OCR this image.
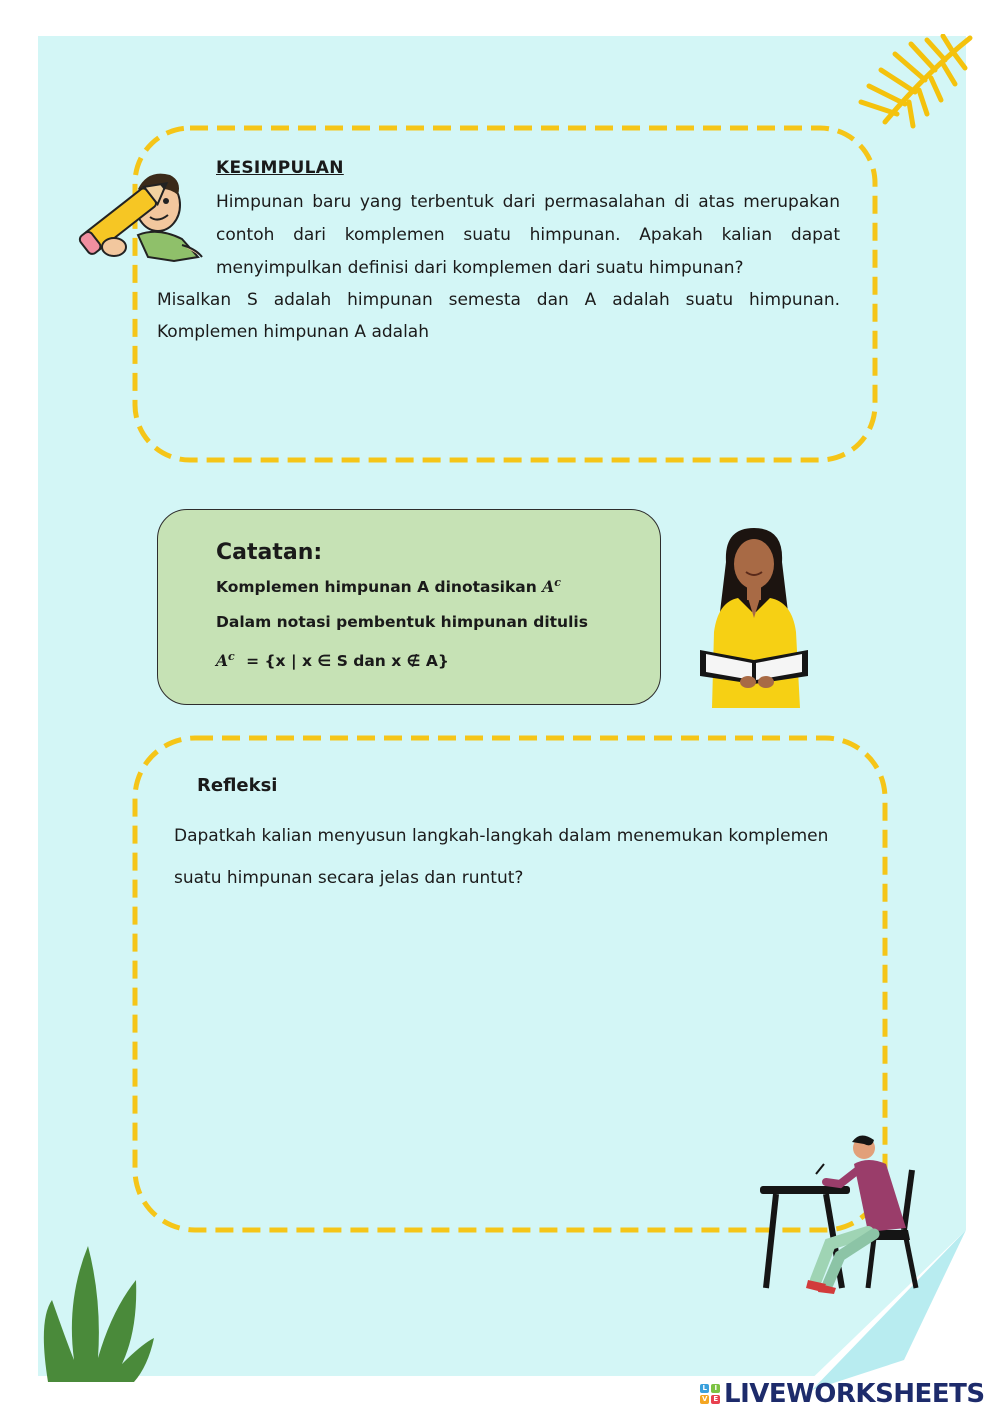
KESIMPULAN
Himpunan baru yang terbentuk dari permasalahan di atas merupakan
contoh dari komplemen suatu himpunan. Apakah kalian dapat
menyimpulkan definisi dari komplemen dari suatu himpunan?
Misalkan S adalah himpunan semesta dan A adalah suatu himpunan.
Komplemen himpunan A adalah
Catatan:
Komplemen himpunan A dinotasikan $A^c$
Dalam notasi pembentuk himpunan ditulis
$A^c = \{x$ | x ∈ S dan x ∉ A}
Refleksi
Dapatkah kalian menyusun langkah-langkah dalam menemukan komplemen
suatu himpunan secara jelas dan runtut?
L	I
V E LIVEWORKSHEETS
